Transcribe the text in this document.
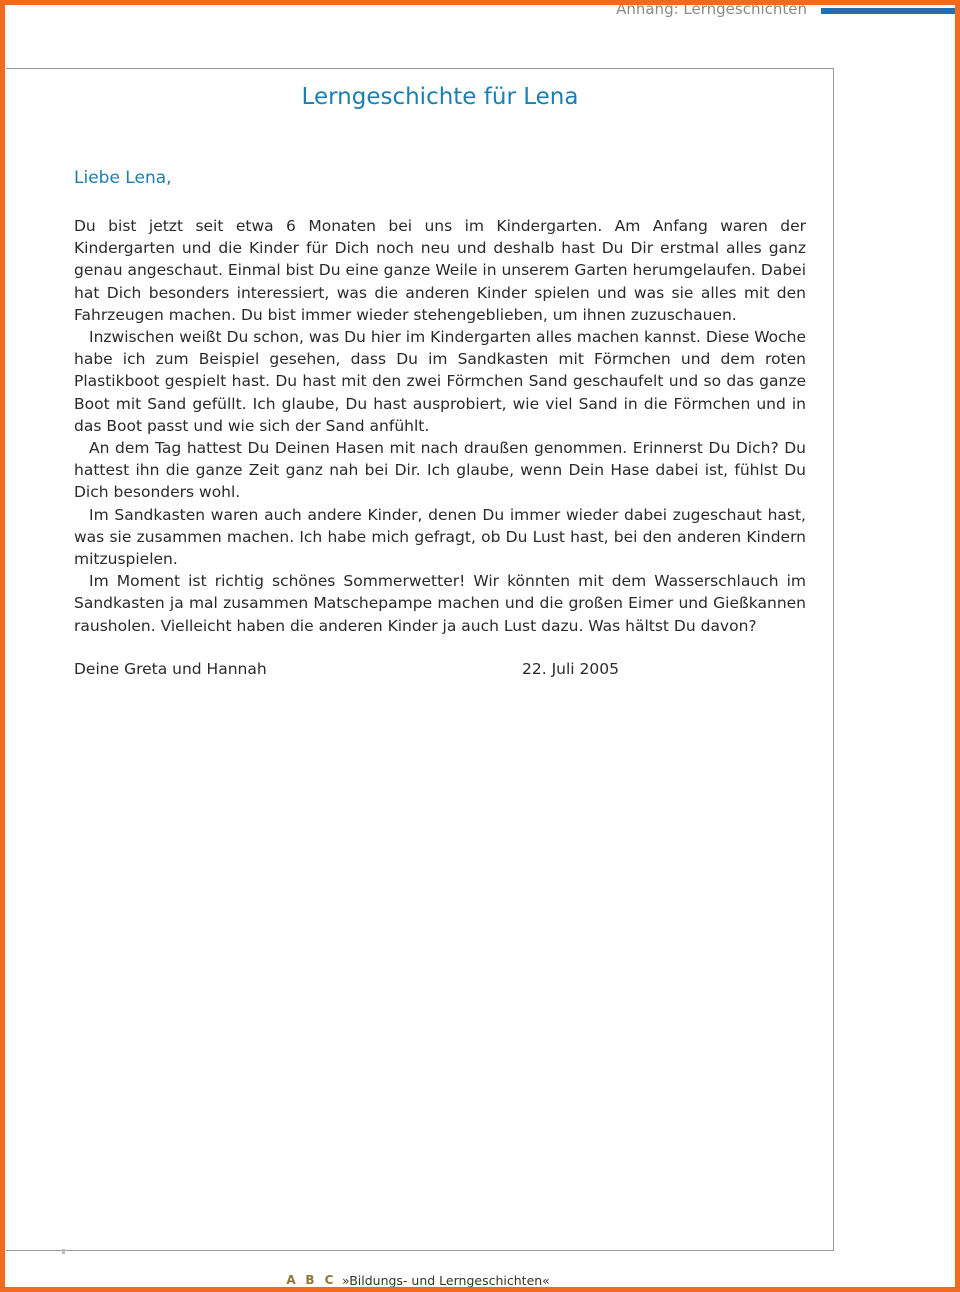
Anhang: Lerngeschichten
Lerngeschichte für Lena
Liebe Lena,

Du bist jetzt seit etwa 6 Monaten bei uns im Kindergarten. Am Anfang waren der Kindergarten und die Kinder für Dich noch neu und deshalb hast Du Dir erstmal alles ganz genau angeschaut. Einmal bist Du eine ganze Weile in unserem Garten herumgelaufen. Dabei hat Dich besonders interessiert, was die anderen Kinder spielen und was sie alles mit den Fahrzeugen machen. Du bist immer wieder stehengeblieben, um ihnen zuzuschauen.

Inzwischen weißt Du schon, was Du hier im Kindergarten alles machen kannst. Diese Woche habe ich zum Beispiel gesehen, dass Du im Sandkasten mit Förmchen und dem roten Plastikboot gespielt hast. Du hast mit den zwei Förmchen Sand geschaufelt und so das ganze Boot mit Sand gefüllt. Ich glaube, Du hast ausprobiert, wie viel Sand in die Förmchen und in das Boot passt und wie sich der Sand anfühlt.

An dem Tag hattest Du Deinen Hasen mit nach draußen genommen. Erinnerst Du Dich? Du hattest ihn die ganze Zeit ganz nah bei Dir. Ich glaube, wenn Dein Hase dabei ist, fühlst Du Dich besonders wohl.

Im Sandkasten waren auch andere Kinder, denen Du immer wieder dabei zugeschaut hast, was sie zusammen machen. Ich habe mich gefragt, ob Du Lust hast, bei den anderen Kindern mitzuspielen.

Im Moment ist richtig schönes Sommerwetter! Wir könnten mit dem Wasserschlauch im Sandkasten ja mal zusammen Matschepampe machen und die großen Eimer und Gießkannen rausholen. Vielleicht haben die anderen Kinder ja auch Lust dazu. Was hältst Du davon?

Deine Greta und Hannah	22. Juli 2005
A B C »Bildungs- und Lerngeschichten«
